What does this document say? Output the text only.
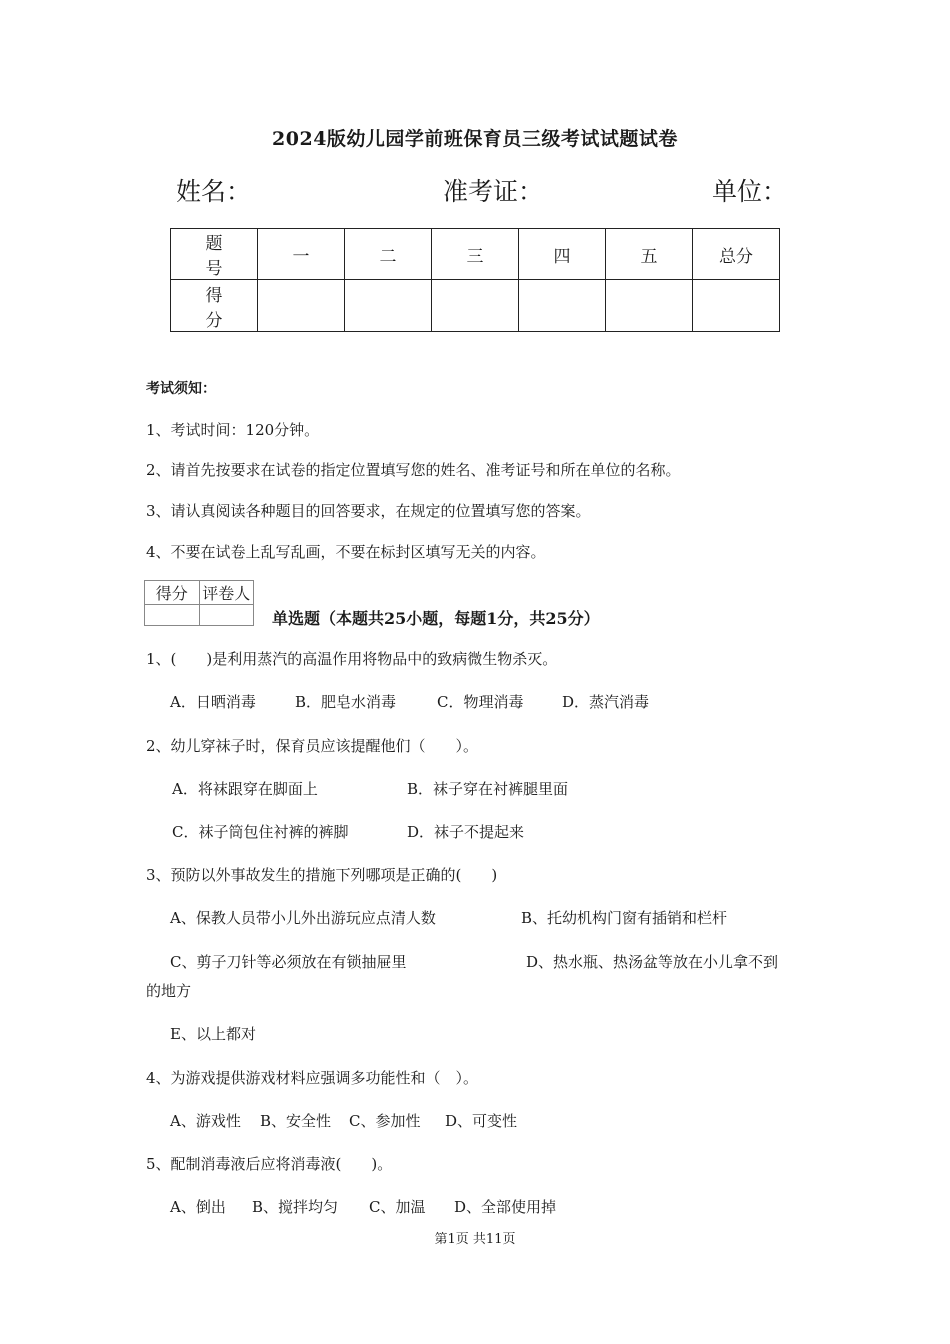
2024版幼儿园学前班保育员三级考试试题试卷
姓名：	准考证：	单位：
题　号	一	二	三	四	五	总分
得　分						
考试须知：
1、考试时间：120分钟。
2、请首先按要求在试卷的指定位置填写您的姓名、准考证号和所在单位的名称。
3、请认真阅读各种题目的回答要求，在规定的位置填写您的答案。
4、不要在试卷上乱写乱画，不要在标封区填写无关的内容。
得分	评卷人

单选题（本题共25小题，每题1分，共25分）
1、(　　)是利用蒸汽的高温作用将物品中的致病微生物杀灭。
A．日晒消毒	B．肥皂水消毒	C．物理消毒	D．蒸汽消毒
2、幼儿穿袜子时，保育员应该提醒他们（　　）。
A．将袜跟穿在脚面上	B．袜子穿在衬裤腿里面
C．袜子筒包住衬裤的裤脚	D．袜子不提起来
3、预防以外事故发生的措施下列哪项是正确的(　　)
A、保教人员带小儿外出游玩应点清人数	B、托幼机构门窗有插销和栏杆
C、剪子刀针等必须放在有锁抽屉里	D、热水瓶、热汤盆等放在小儿拿不到
的地方
E、以上都对
4、为游戏提供游戏材料应强调多功能性和（　）。
A、游戏性 B、安全性 C、参加性 D、可变性
5、配制消毒液后应将消毒液(　　)。
A、倒出 B、搅拌均匀 C、加温 D、全部使用掉
第1页 共11页
